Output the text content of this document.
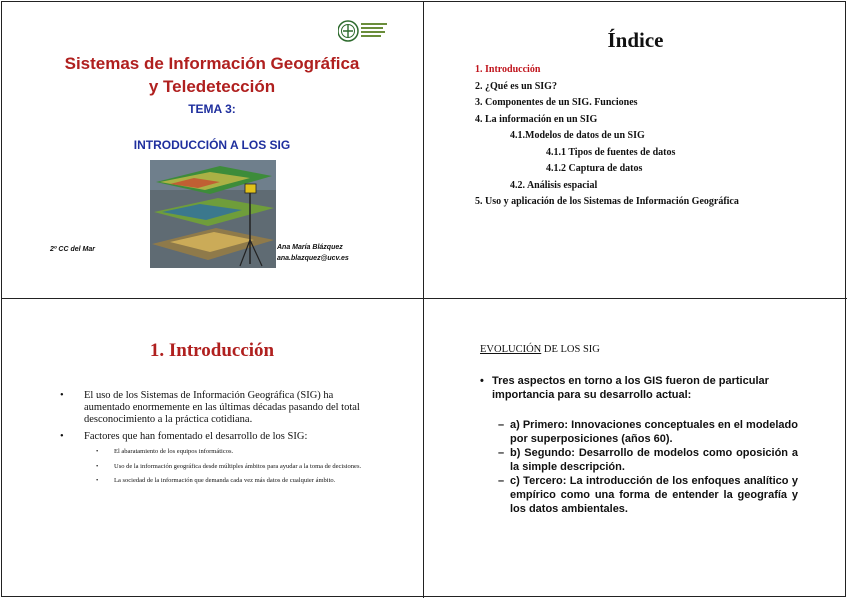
Sistemas de Información Geográfica
y Teledetección
TEMA 3:
INTRODUCCIÓN A LOS SIG
2º CC del Mar	Ana María Blázquez
ana.blazquez@ucv.es
Índice
1. Introducción
2. ¿Qué es un SIG?
3. Componentes de un SIG. Funciones
4. La información en un SIG
4.1.Modelos de datos de un SIG
4.1.1 Tipos de fuentes de datos
4.1.2 Captura de datos
4.2. Análisis espacial
5. Uso y aplicación de los Sistemas de Información Geográfica
1. Introducción
• El uso de los Sistemas de Información Geográfica (SIG) ha aumentado enormemente en las últimas décadas pasando del total desconocimiento a la práctica cotidiana.
• Factores que han fomentado el desarrollo de los SIG:
• El abaratamiento de los equipos informáticos.
• Uso de la información geográfica desde múltiples ámbitos para ayudar a la toma de decisiones.
• La sociedad de la información que demanda cada vez más datos de cualquier ámbito.
EVOLUCIÓN DE LOS SIG
• Tres aspectos en torno a los GIS fueron de particular importancia para su desarrollo actual:
– a) Primero: Innovaciones conceptuales en el modelado por superposiciones (años 60).
– b) Segundo: Desarrollo de modelos como oposición a la simple descripción.
– c) Tercero: La introducción de los enfoques analítico y empírico como una forma de entender la geografía y los datos ambientales.
